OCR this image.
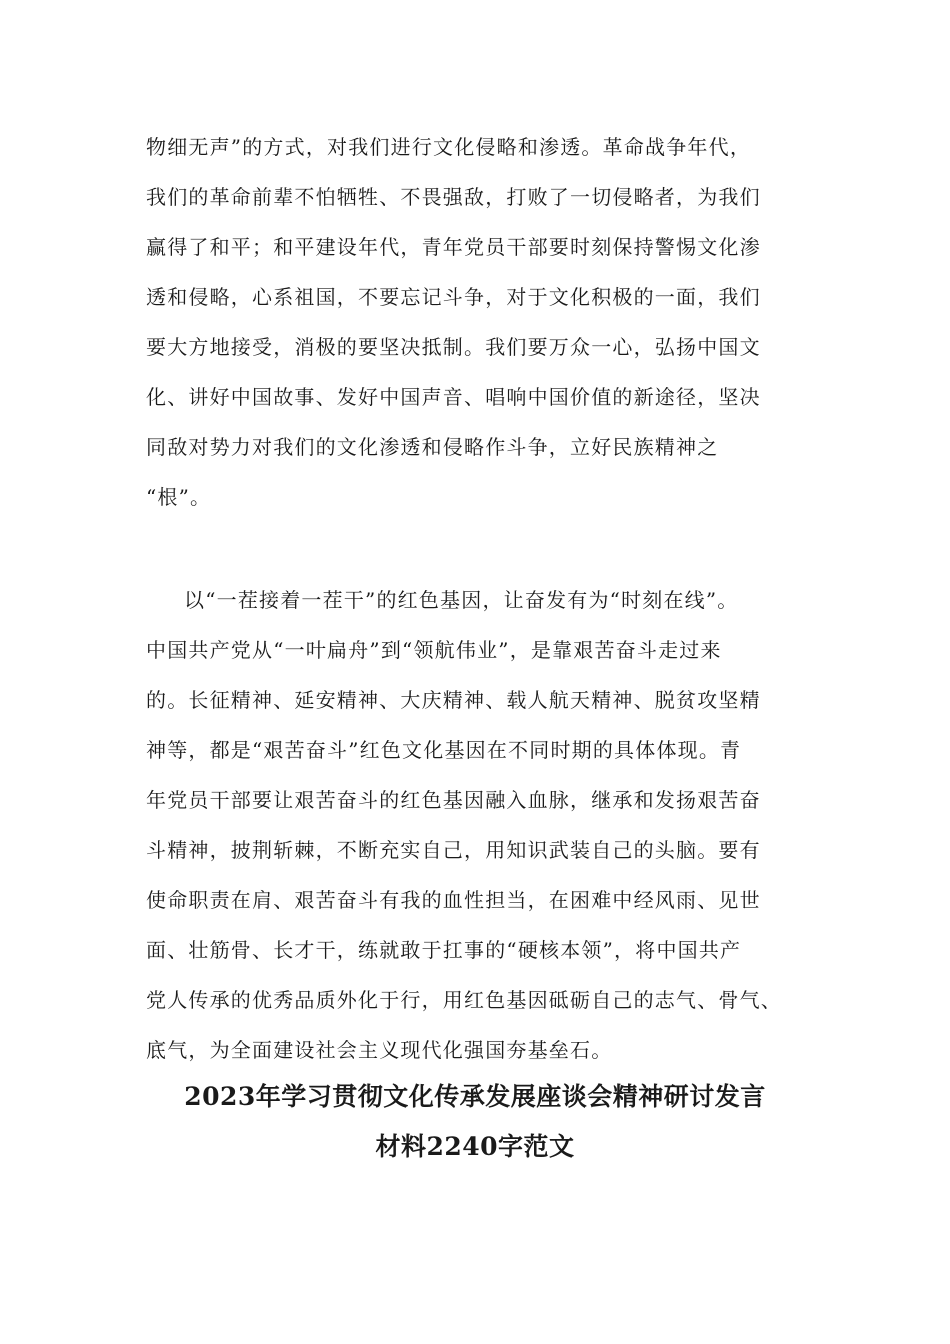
物细无声”的方式，对我们进行文化侵略和渗透。革命战争年代，
我们的革命前辈不怕牺牲、不畏强敌，打败了一切侵略者，为我们
赢得了和平；和平建设年代，青年党员干部要时刻保持警惕文化渗
透和侵略，心系祖国，不要忘记斗争，对于文化积极的一面，我们
要大方地接受，消极的要坚决抵制。我们要万众一心，弘扬中国文
化、讲好中国故事、发好中国声音、唱响中国价值的新途径，坚决
同敌对势力对我们的文化渗透和侵略作斗争，立好民族精神之
“根”。
以“一茬接着一茬干”的红色基因，让奋发有为“时刻在线”。
中国共产党从“一叶扁舟”到“领航伟业”，是靠艰苦奋斗走过来
的。长征精神、延安精神、大庆精神、载人航天精神、脱贫攻坚精
神等，都是“艰苦奋斗”红色文化基因在不同时期的具体体现。青
年党员干部要让艰苦奋斗的红色基因融入血脉，继承和发扬艰苦奋
斗精神，披荆斩棘，不断充实自己，用知识武装自己的头脑。要有
使命职责在肩、艰苦奋斗有我的血性担当，在困难中经风雨、见世
面、壮筋骨、长才干，练就敢于扛事的“硬核本领”，将中国共产
党人传承的优秀品质外化于行，用红色基因砥砺自己的志气、骨气、
底气，为全面建设社会主义现代化强国夯基垒石。
2023年学习贯彻文化传承发展座谈会精神研讨发言
材料2240字范文
